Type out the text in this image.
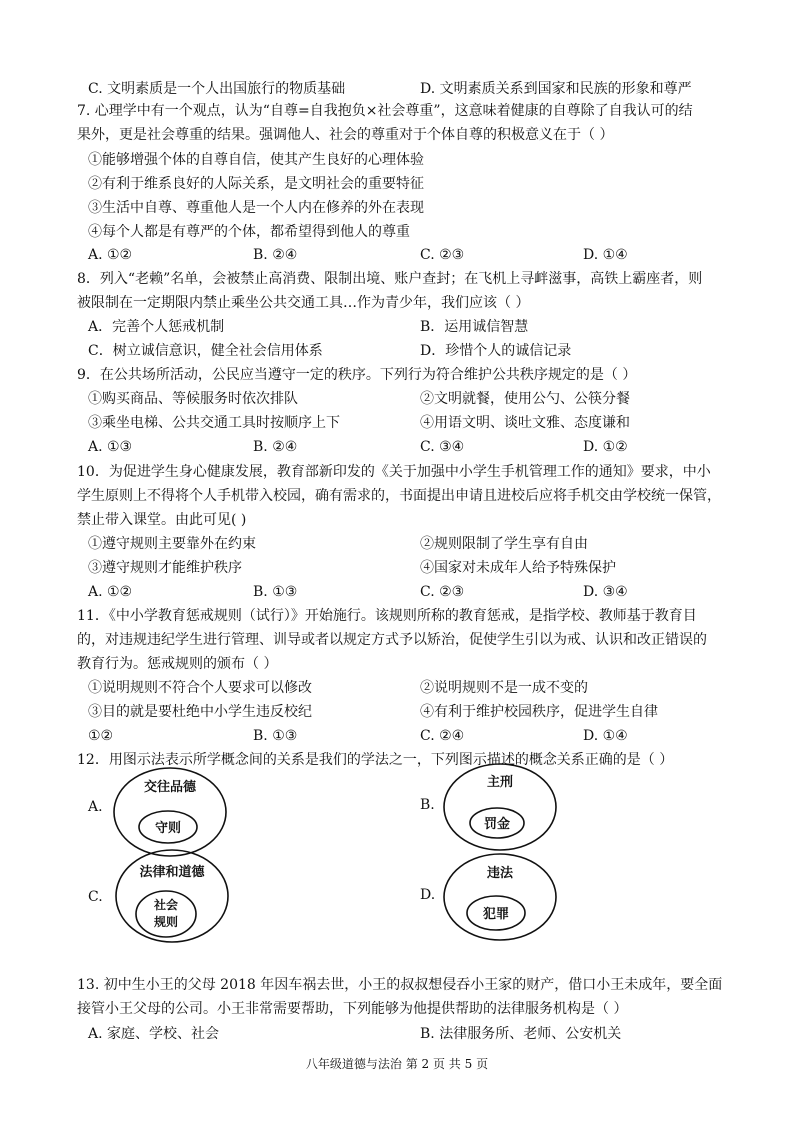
C. 文明素质是一个人出国旅行的物质基础	D. 文明素质关系到国家和民族的形象和尊严
7. 心理学中有一个观点，认为“自尊=自我抱负×社会尊重”，这意味着健康的自尊除了自我认可的结
果外，更是社会尊重的结果。强调他人、社会的尊重对于个体自尊的积极意义在于（ ）
①能够增强个体的自尊自信，使其产生良好的心理体验
②有利于维系良好的人际关系，是文明社会的重要特征
③生活中自尊、尊重他人是一个人内在修养的外在表现
④每个人都是有尊严的个体，都希望得到他人的尊重
A. ①②	B. ②④	C. ②③	D. ①④
8．列入“老赖”名单，会被禁止高消费、限制出境、账户查封；在飞机上寻衅滋事，高铁上霸座者，则
被限制在一定期限内禁止乘坐公共交通工具…作为青少年，我们应该（ ）
A．完善个人惩戒机制	B．运用诚信智慧
C．树立诚信意识，健全社会信用体系	D．珍惜个人的诚信记录
9．在公共场所活动，公民应当遵守一定的秩序。下列行为符合维护公共秩序规定的是（ ）
①购买商品、等候服务时依次排队	②文明就餐，使用公勺、公筷分餐
③乘坐电梯、公共交通工具时按顺序上下	④用语文明、谈吐文雅、态度谦和
A. ①③	B. ②④	C. ③④	D. ①②
10．为促进学生身心健康发展，教育部新印发的《关于加强中小学生手机管理工作的通知》要求，中小
学生原则上不得将个人手机带入校园，确有需求的，书面提出申请且进校后应将手机交由学校统一保管，
禁止带入课堂。由此可见( )
①遵守规则主要靠外在约束	②规则限制了学生享有自由
③遵守规则才能维护秩序	④国家对未成年人给予特殊保护
A. ①②	B. ①③	C. ②③	D. ③④
11．《中小学教育惩戒规则（试行）》开始施行。该规则所称的教育惩戒，是指学校、教师基于教育目
的，对违规违纪学生进行管理、训导或者以规定方式予以矫治，促使学生引以为戒、认识和改正错误的
教育行为。惩戒规则的颁布（ ）
①说明规则不符合个人要求可以修改	②说明规则不是一成不变的
③目的就是要杜绝中小学生违反校纪	④有利于维护校园秩序，促进学生自律
①②	B. ①③	C. ②④	D. ①④
12．用图示法表示所学概念间的关系是我们的学法之一，下列图示描述的概念关系正确的是（ ）
A.
交往品德
守则
B.
主刑
罚金
C.
法律和道德
社会
规则
D.
违法
犯罪
13. 初中生小王的父母 2018 年因车祸去世，小王的叔叔想侵吞小王家的财产，借口小王未成年，要全面
接管小王父母的公司。小王非常需要帮助，下列能够为他提供帮助的法律服务机构是（ ）
A. 家庭、学校、社会	B. 法律服务所、老师、公安机关
八年级道德与法治 第 2 页 共 5 页
